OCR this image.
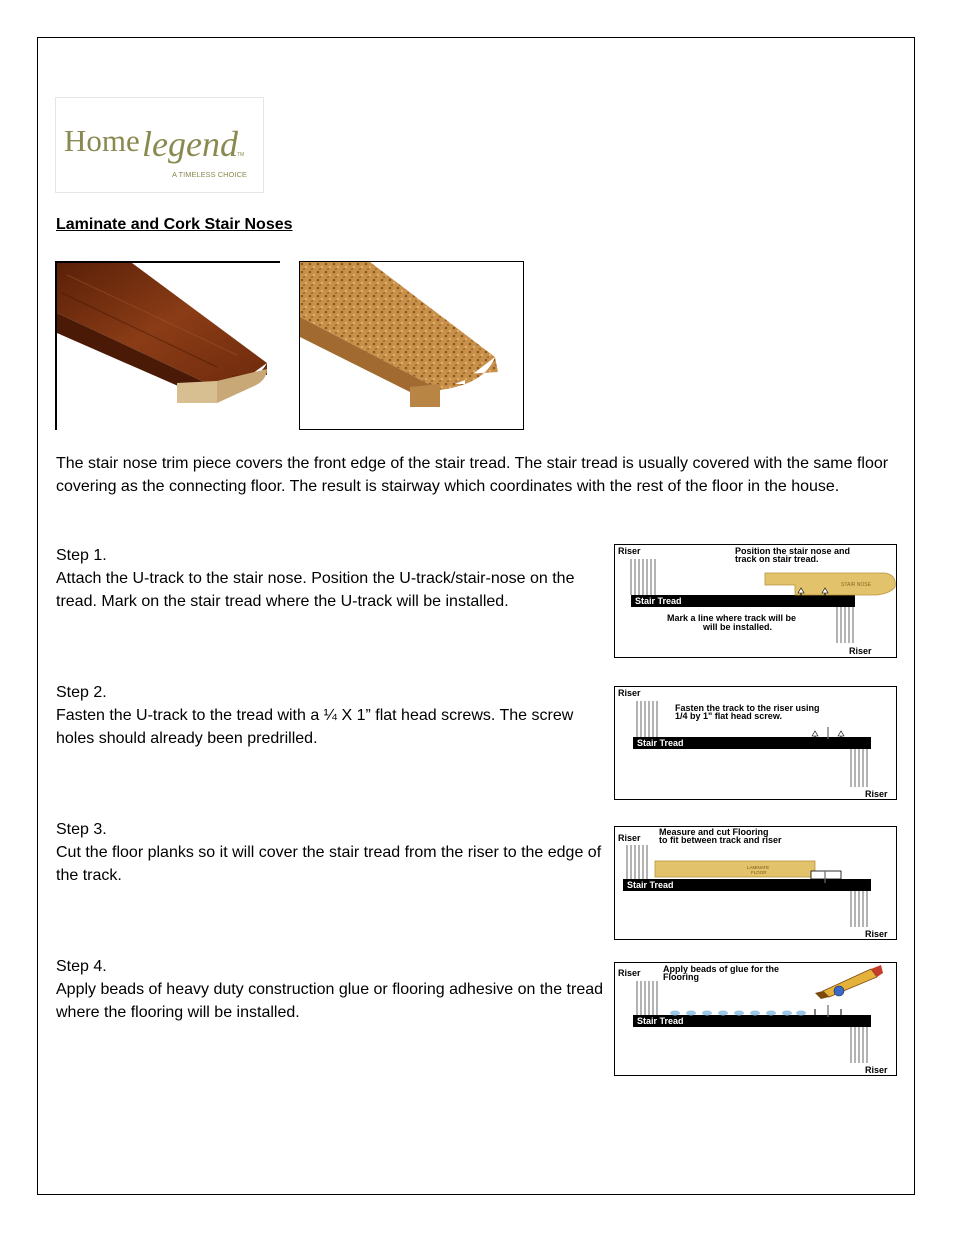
Home legend TM
A TIMELESS CHOICE
Laminate and Cork Stair Noses
The stair nose trim piece covers the front edge of the stair tread. The stair tread is usually covered with the same floor covering as the connecting floor. The result is stairway which coordinates with the rest of the floor in the house.
Step 1.
Attach the U-track to the stair nose. Position the U-track/stair-nose on the tread. Mark on the stair tread where the U-track will be installed.
Riser
Stair Tread
STAIR NOSE
Position the stair nose and
track on stair tread.
Mark a line where track will be
will be installed.
Riser
Step 2.
Fasten the U-track to the tread with a ¼ X 1” flat head screws. The screw holes should already been predrilled.
Riser
Stair Tread
Fasten the track to the riser using
1/4 by 1" flat head screw.
Riser
Step 3.
Cut the floor planks so it will cover the stair tread from the riser to the edge of the track.
Riser
Stair Tread
LAMINATE
FLOOR
Measure and cut Flooring
to fit between track and riser
Riser
Step 4.
Apply beads of heavy duty construction glue or flooring adhesive on the tread where the flooring will be installed.
Riser
Stair Tread
Apply beads of glue for the
Flooring
Riser
